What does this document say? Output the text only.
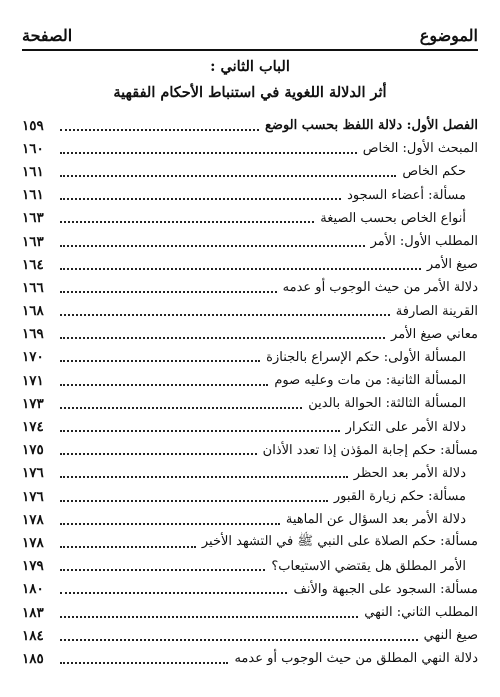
الموضوع
الصفحة
الباب الثاني :
أثر الدلالة اللغوية في استنباط الأحكام الفقهية
الفصل الأول: دلالة اللفظ بحسب الوضع
١٥٩
المبحث الأول: الخاص
١٦٠
حكم الخاص
١٦١
مسألة: أعضاء السجود
١٦١
أنواع الخاص بحسب الصيغة
١٦٣
المطلب الأول: الأمر
١٦٣
صيغ الأمر
١٦٤
دلالة الأمر من حيث الوجوب أو عدمه
١٦٦
القرينة الصارفة
١٦٨
معاني صيغ الأمر
١٦٩
المسألة الأولى: حكم الإسراع بالجنازة
١٧٠
المسألة الثانية: من مات وعليه صوم
١٧١
المسألة الثالثة: الحوالة بالدين
١٧٣
دلالة الأمر على التكرار
١٧٤
مسألة: حكم إجابة المؤذن إذا تعدد الأذان
١٧٥
دلالة الأمر بعد الحظر
١٧٦
مسألة: حكم زيارة القبور
١٧٦
دلالة الأمر بعد السؤال عن الماهية
١٧٨
مسألة: حكم الصلاة على النبي ﷺ في التشهد الأخير
١٧٨
الأمر المطلق هل يقتضي الاستيعاب؟
١٧٩
مسألة: السجود على الجبهة والأنف
١٨٠
المطلب الثاني: النهي
١٨٣
صيغ النهي
١٨٤
دلالة النهي المطلق من حيث الوجوب أو عدمه
١٨٥
